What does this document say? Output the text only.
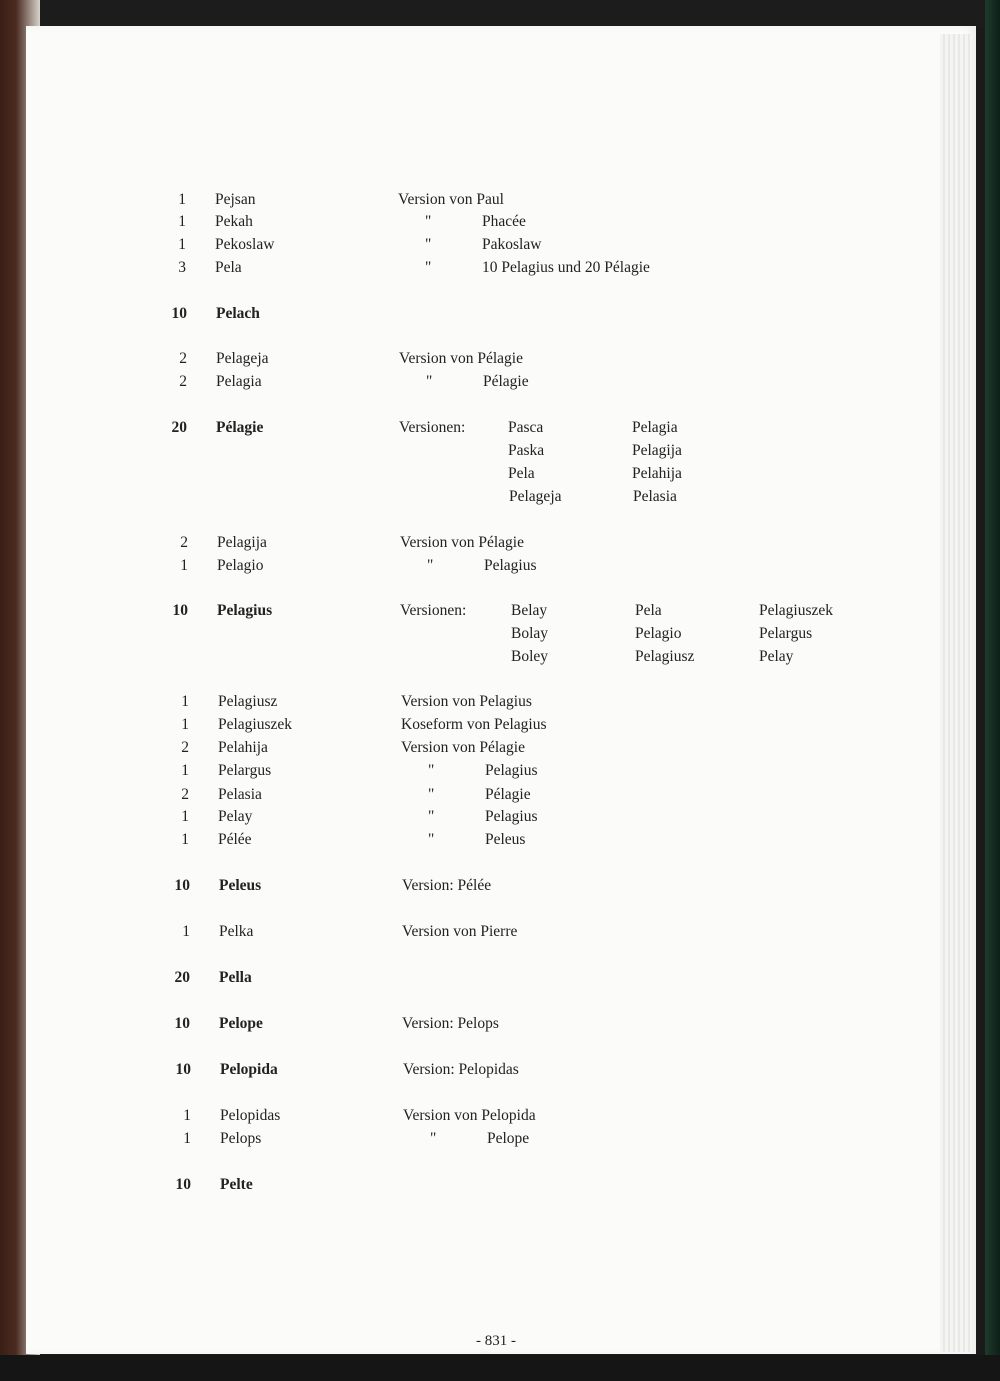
1 Pejsan	Version von Paul
1 Pekah	"	Phacée
1 Pekoslaw	"	Pakoslaw
3 Pela	"	10 Pelagius und 20 Pélagie
10 Pelach
2 Pelageja	Version von Pélagie
2 Pelagia	"	Pélagie
20 Pélagie	Versionen:	Pasca	Pelagia
Paska	Pelagija
Pela	Pelahija
Pelageja	Pelasia
2 Pelagija	Version von Pélagie
1 Pelagio	"	Pelagius
10 Pelagius	Versionen:	Belay	Pela	Pelagiuszek
Bolay	Pelagio	Pelargus
Boley	Pelagiusz	Pelay
1 Pelagiusz	Version von Pelagius
1 Pelagiuszek	Koseform von Pelagius
2 Pelahija	Version von Pélagie
1 Pelargus	"	Pelagius
2 Pelasia	"	Pélagie
1 Pelay	"	Pelagius
1 Pélée	"	Peleus
10 Peleus	Version: Pélée
1 Pelka	Version von Pierre
20 Pella
10 Pelope	Version: Pelops
10 Pelopida	Version: Pelopidas
1 Pelopidas	Version von Pelopida
1 Pelops	"	Pelope
10 Pelte
- 831 -
